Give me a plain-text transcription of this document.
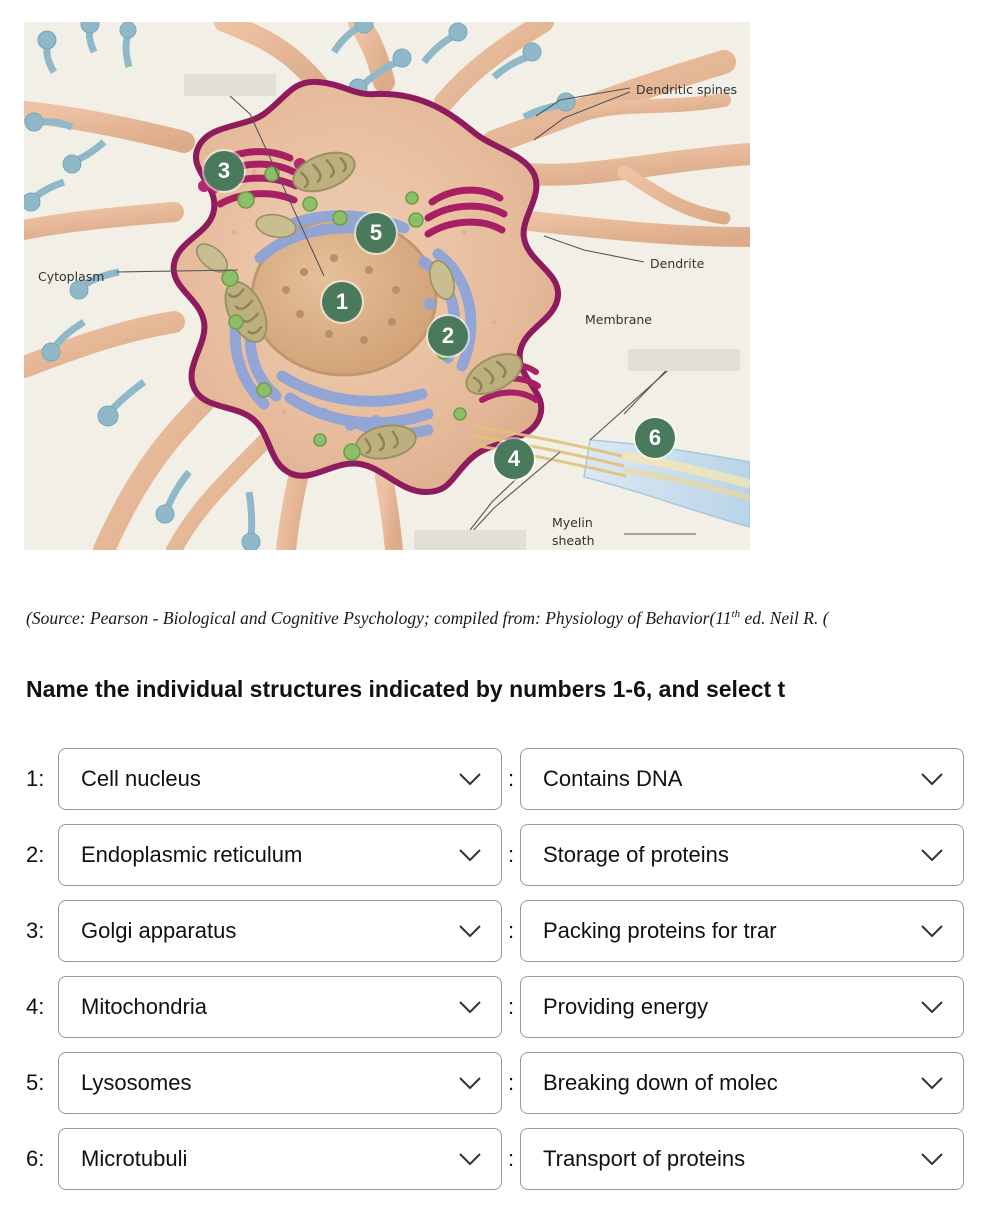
Dendritic spines
Cytoplasm
Dendrite
Membrane
Myelin
sheath
1
2
3
4
5
6
(Source: Pearson - Biological and Cognitive Psychology; compiled from: Physiology of Behavior(11th ed. Neil R. (
Name the individual structures indicated by numbers 1-6, and select t
1:	Cell nucleus	:	Contains DNA
2:	Endoplasmic reticulum	:	Storage of proteins
3:	Golgi apparatus	:	Packing proteins for trar
4:	Mitochondria	:	Providing energy
5:	Lysosomes	:	Breaking down of molec
6:	Microtubuli	:	Transport of proteins
